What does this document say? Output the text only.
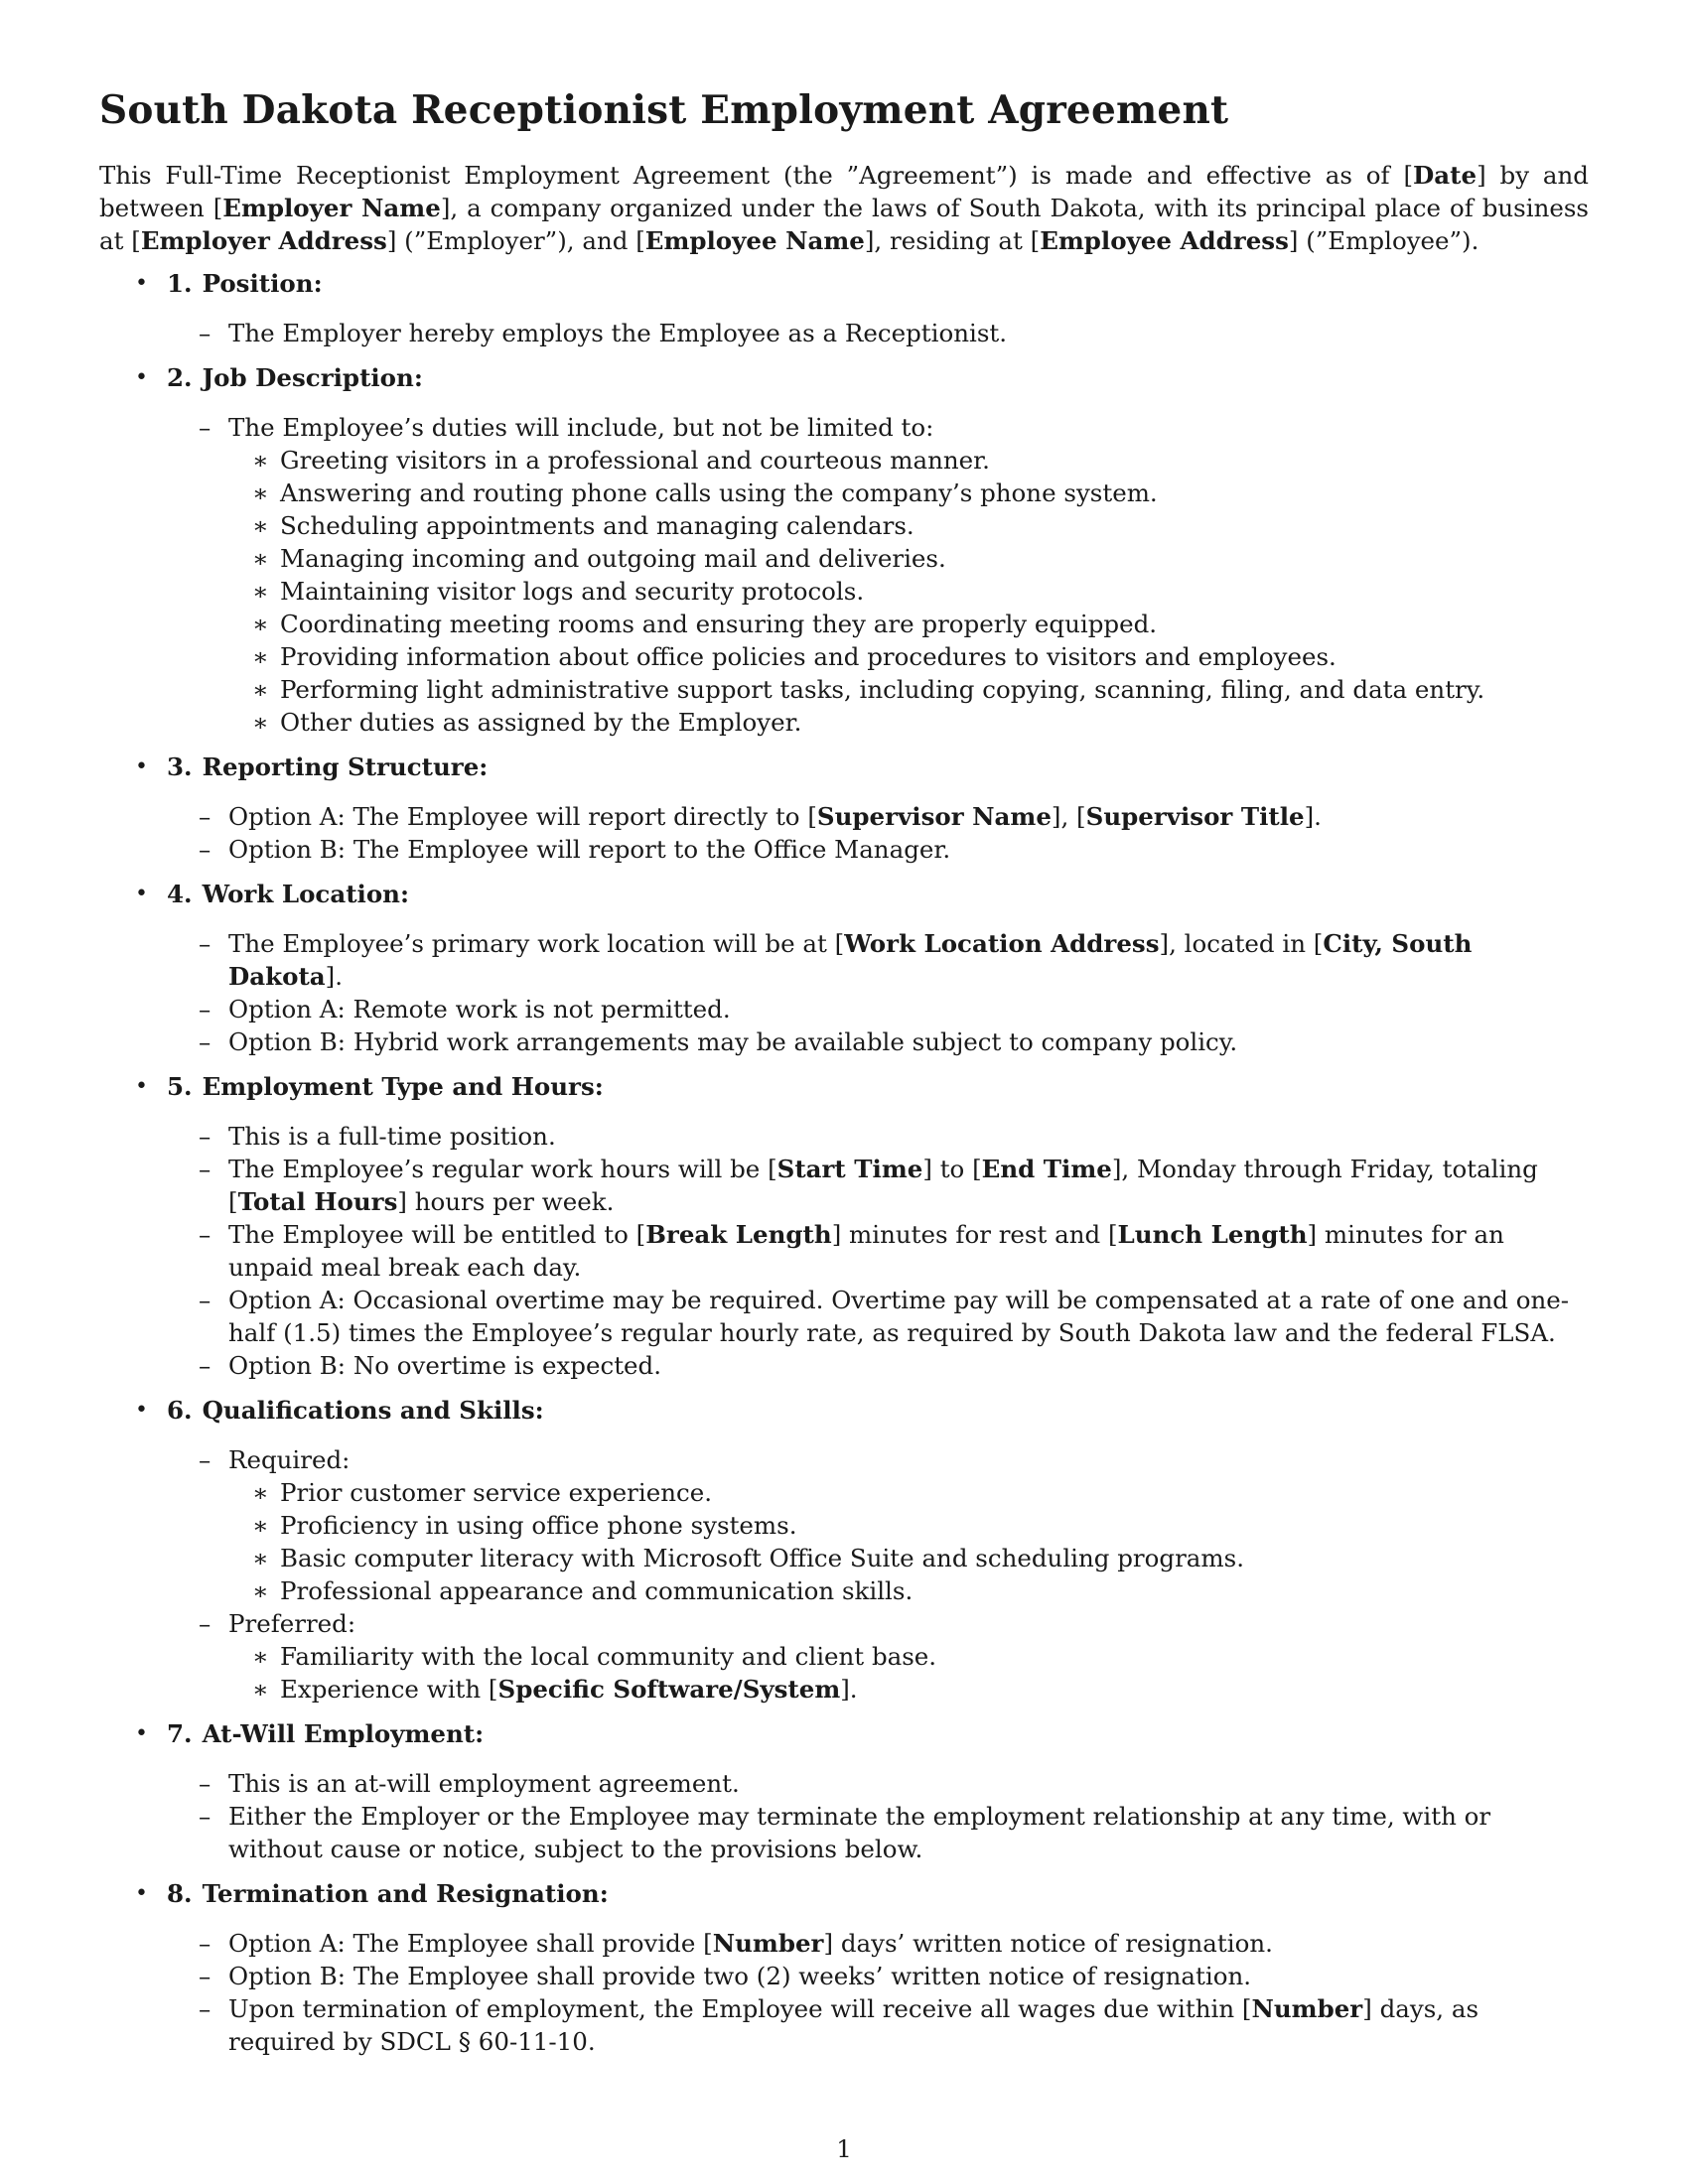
South Dakota Receptionist Employment Agreement

This Full-Time Receptionist Employment Agreement (the ”Agreement”) is made and effective as of [Date] by and between [Employer Name], a company organized under the laws of South Dakota, with its principal place of business at [Employer Address] (”Employer”), and [Employee Name], residing at [Employee Address] (”Employee”).

• 1. Position:
– The Employer hereby employs the Employee as a Receptionist.
• 2. Job Description:
– The Employee’s duties will include, but not be limited to:
∗ Greeting visitors in a professional and courteous manner.
∗ Answering and routing phone calls using the company’s phone system.
∗ Scheduling appointments and managing calendars.
∗ Managing incoming and outgoing mail and deliveries.
∗ Maintaining visitor logs and security protocols.
∗ Coordinating meeting rooms and ensuring they are properly equipped.
∗ Providing information about office policies and procedures to visitors and employees.
∗ Performing light administrative support tasks, including copying, scanning, filing, and data entry.
∗ Other duties as assigned by the Employer.
• 3. Reporting Structure:
– Option A: The Employee will report directly to [Supervisor Name], [Supervisor Title].
– Option B: The Employee will report to the Office Manager.
• 4. Work Location:
– The Employee’s primary work location will be at [Work Location Address], located in [City, South Dakota].
– Option A: Remote work is not permitted.
– Option B: Hybrid work arrangements may be available subject to company policy.
• 5. Employment Type and Hours:
– This is a full-time position.
– The Employee’s regular work hours will be [Start Time] to [End Time], Monday through Friday, totaling [Total Hours] hours per week.
– The Employee will be entitled to [Break Length] minutes for rest and [Lunch Length] minutes for an unpaid meal break each day.
– Option A: Occasional overtime may be required. Overtime pay will be compensated at a rate of one and one-half (1.5) times the Employee’s regular hourly rate, as required by South Dakota law and the federal FLSA.
– Option B: No overtime is expected.
• 6. Qualifications and Skills:
– Required:
∗ Prior customer service experience.
∗ Proficiency in using office phone systems.
∗ Basic computer literacy with Microsoft Office Suite and scheduling programs.
∗ Professional appearance and communication skills.
– Preferred:
∗ Familiarity with the local community and client base.
∗ Experience with [Specific Software/System].
• 7. At-Will Employment:
– This is an at-will employment agreement.
– Either the Employer or the Employee may terminate the employment relationship at any time, with or without cause or notice, subject to the provisions below.
• 8. Termination and Resignation:
– Option A: The Employee shall provide [Number] days’ written notice of resignation.
– Option B: The Employee shall provide two (2) weeks’ written notice of resignation.
– Upon termination of employment, the Employee will receive all wages due within [Number] days, as required by SDCL § 60-11-10.
1
